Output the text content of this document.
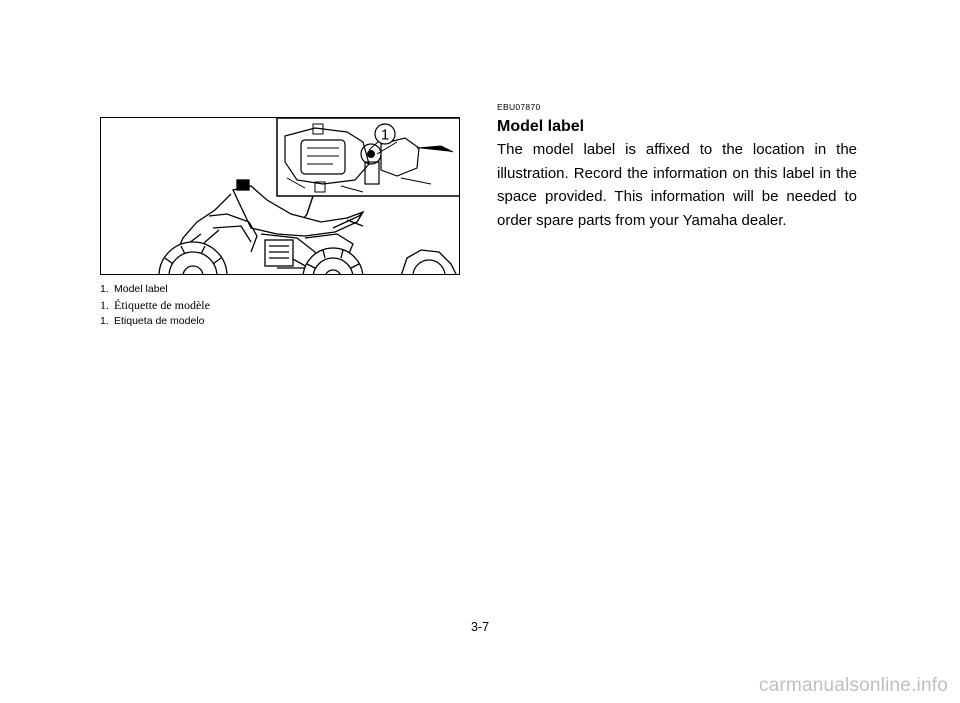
1
1. Model label
1. Étiquette de modèle
1. Etiqueta de modelo
EBU07870
Model label
The model label is affixed to the location in the illustration. Record the information on this label in the space provided. This information will be needed to order spare parts from your Yamaha dealer.
3-7
carmanualsonline.info
